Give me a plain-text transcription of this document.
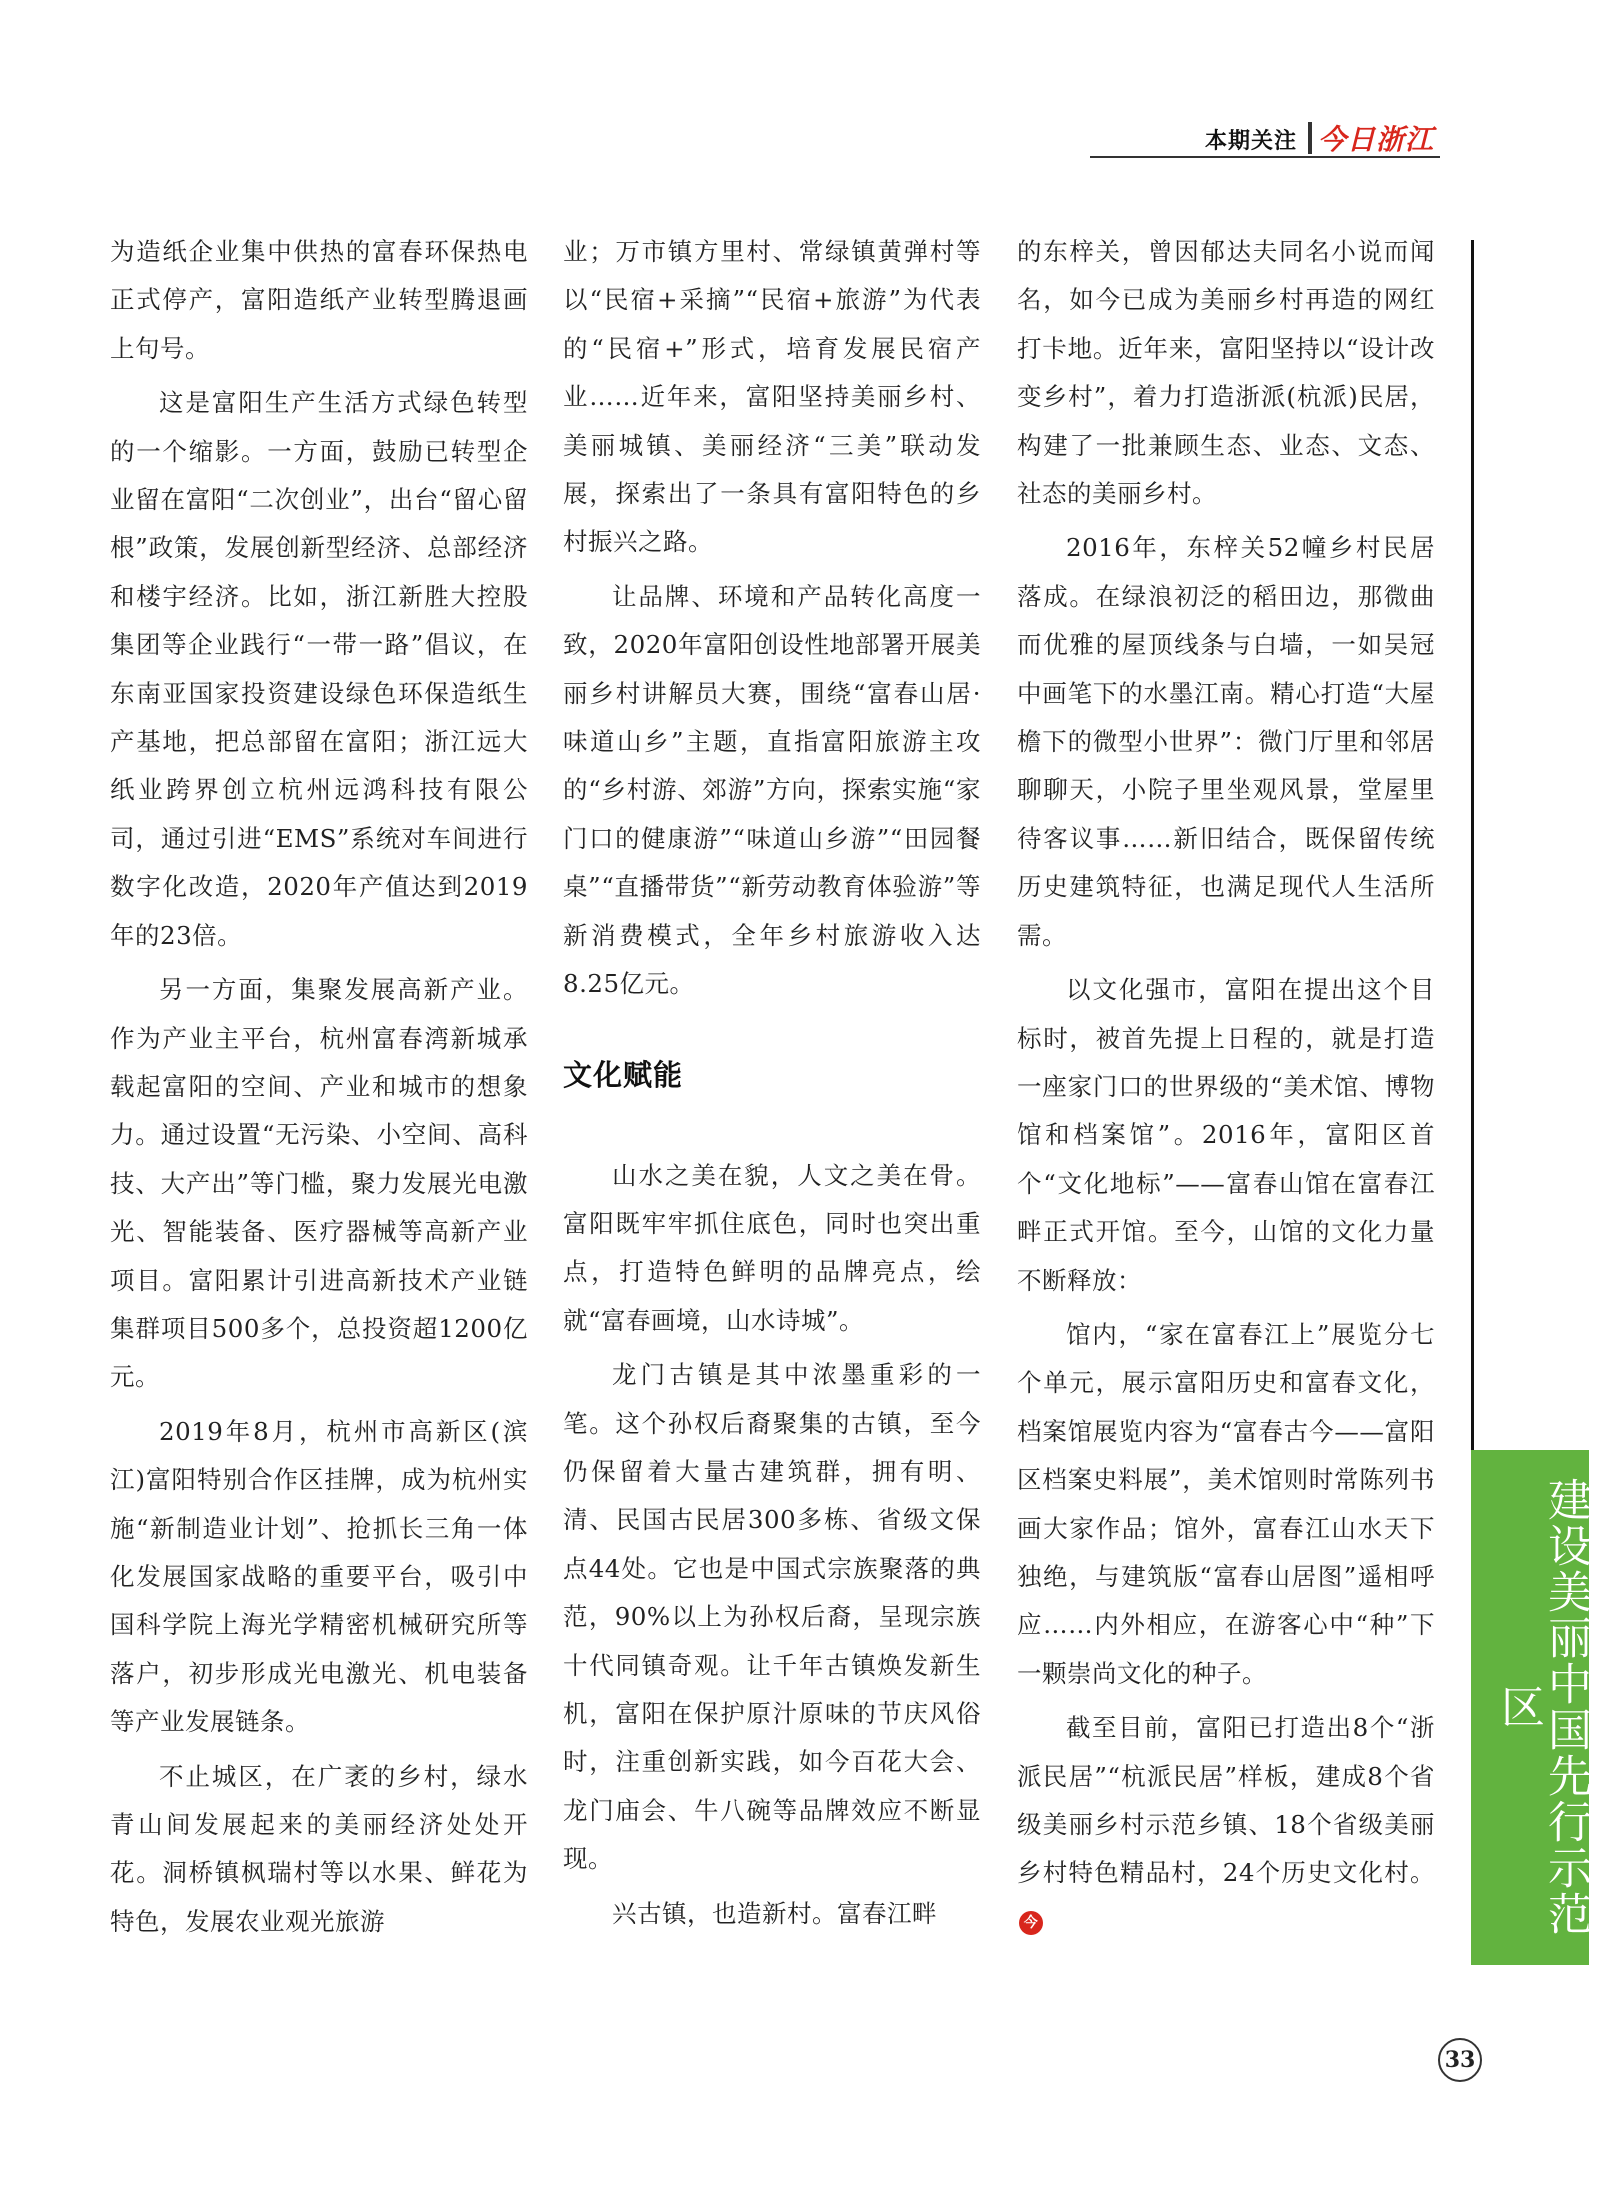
本期关注 今日浙江

为造纸企业集中供热的富春环保热电正式停产，富阳造纸产业转型腾退画上句号。

这是富阳生产生活方式绿色转型的一个缩影。一方面，鼓励已转型企业留在富阳“二次创业”，出台“留心留根”政策，发展创新型经济、总部经济和楼宇经济。比如，浙江新胜大控股集团等企业践行“一带一路”倡议，在东南亚国家投资建设绿色环保造纸生产基地，把总部留在富阳；浙江远大纸业跨界创立杭州远鸿科技有限公司，通过引进“EMS”系统对车间进行数字化改造，2020年产值达到2019年的23倍。

另一方面，集聚发展高新产业。作为产业主平台，杭州富春湾新城承载起富阳的空间、产业和城市的想象力。通过设置“无污染、小空间、高科技、大产出”等门槛，聚力发展光电激光、智能装备、医疗器械等高新产业项目。富阳累计引进高新技术产业链集群项目500多个，总投资超1200亿元。

2019年8月，杭州市高新区(滨江)富阳特别合作区挂牌，成为杭州实施“新制造业计划”、抢抓长三角一体化发展国家战略的重要平台，吸引中国科学院上海光学精密机械研究所等落户，初步形成光电激光、机电装备等产业发展链条。

不止城区，在广袤的乡村，绿水青山间发展起来的美丽经济处处开花。洞桥镇枫瑞村等以水果、鲜花为特色，发展农业观光旅游

业；万市镇方里村、常绿镇黄弹村等以“民宿+采摘”“民宿+旅游”为代表的“民宿+”形式，培育发展民宿产业……近年来，富阳坚持美丽乡村、美丽城镇、美丽经济“三美”联动发展，探索出了一条具有富阳特色的乡村振兴之路。

让品牌、环境和产品转化高度一致，2020年富阳创设性地部署开展美丽乡村讲解员大赛，围绕“富春山居·味道山乡”主题，直指富阳旅游主攻的“乡村游、郊游”方向，探索实施“家门口的健康游”“味道山乡游”“田园餐桌”“直播带货”“新劳动教育体验游”等新消费模式，全年乡村旅游收入达8.25亿元。

文化赋能

山水之美在貌，人文之美在骨。富阳既牢牢抓住底色，同时也突出重点，打造特色鲜明的品牌亮点，绘就“富春画境，山水诗城”。

龙门古镇是其中浓墨重彩的一笔。这个孙权后裔聚集的古镇，至今仍保留着大量古建筑群，拥有明、清、民国古民居300多栋、省级文保点44处。它也是中国式宗族聚落的典范，90%以上为孙权后裔，呈现宗族十代同镇奇观。让千年古镇焕发新生机，富阳在保护原汁原味的节庆风俗时，注重创新实践，如今百花大会、龙门庙会、牛八碗等品牌效应不断显现。

兴古镇，也造新村。富春江畔

的东梓关，曾因郁达夫同名小说而闻名，如今已成为美丽乡村再造的网红打卡地。近年来，富阳坚持以“设计改变乡村”，着力打造浙派(杭派)民居，构建了一批兼顾生态、业态、文态、社态的美丽乡村。

2016年，东梓关52幢乡村民居落成。在绿浪初泛的稻田边，那微曲而优雅的屋顶线条与白墙，一如吴冠中画笔下的水墨江南。精心打造“大屋檐下的微型小世界”：微门厅里和邻居聊聊天，小院子里坐观风景，堂屋里待客议事……新旧结合，既保留传统历史建筑特征，也满足现代人生活所需。

以文化强市，富阳在提出这个目标时，被首先提上日程的，就是打造一座家门口的世界级的“美术馆、博物馆和档案馆”。2016年，富阳区首个“文化地标”——富春山馆在富春江畔正式开馆。至今，山馆的文化力量不断释放：

馆内，“家在富春江上”展览分七个单元，展示富阳历史和富春文化，档案馆展览内容为“富春古今——富阳区档案史料展”，美术馆则时常陈列书画大家作品；馆外，富春江山水天下独绝，与建筑版“富春山居图”遥相呼应……内外相应，在游客心中“种”下一颗崇尚文化的种子。

截至目前，富阳已打造出8个“浙派民居”“杭派民居”样板，建成8个省级美丽乡村示范乡镇、18个省级美丽乡村特色精品村，24个历史文化村。今	建设美丽中国先行示范区
33
